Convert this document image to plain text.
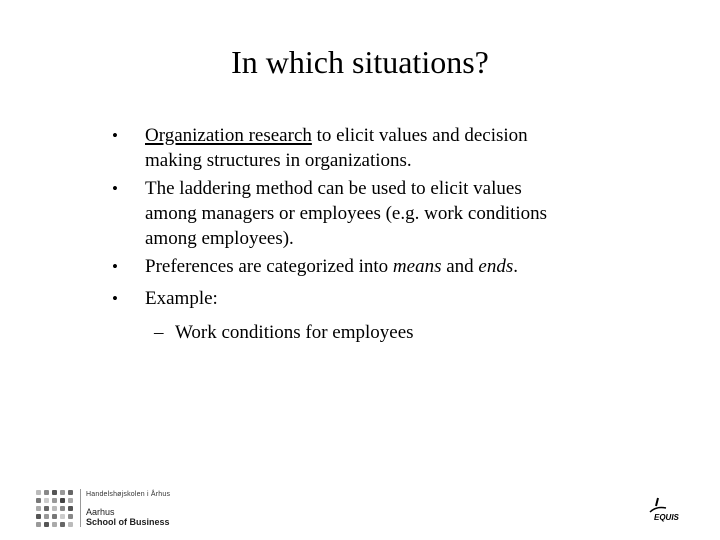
In which situations?
•	Organization research to elicit values and decision
making structures in organizations.
•	The laddering method can be used to elicit values
among managers or employees (e.g. work conditions
among employees).
•	Preferences are categorized into means and ends.
•	Example:
– Work conditions for employees
Handelshøjskolen i Århus
Aarhus
School of Business	EQUIS
